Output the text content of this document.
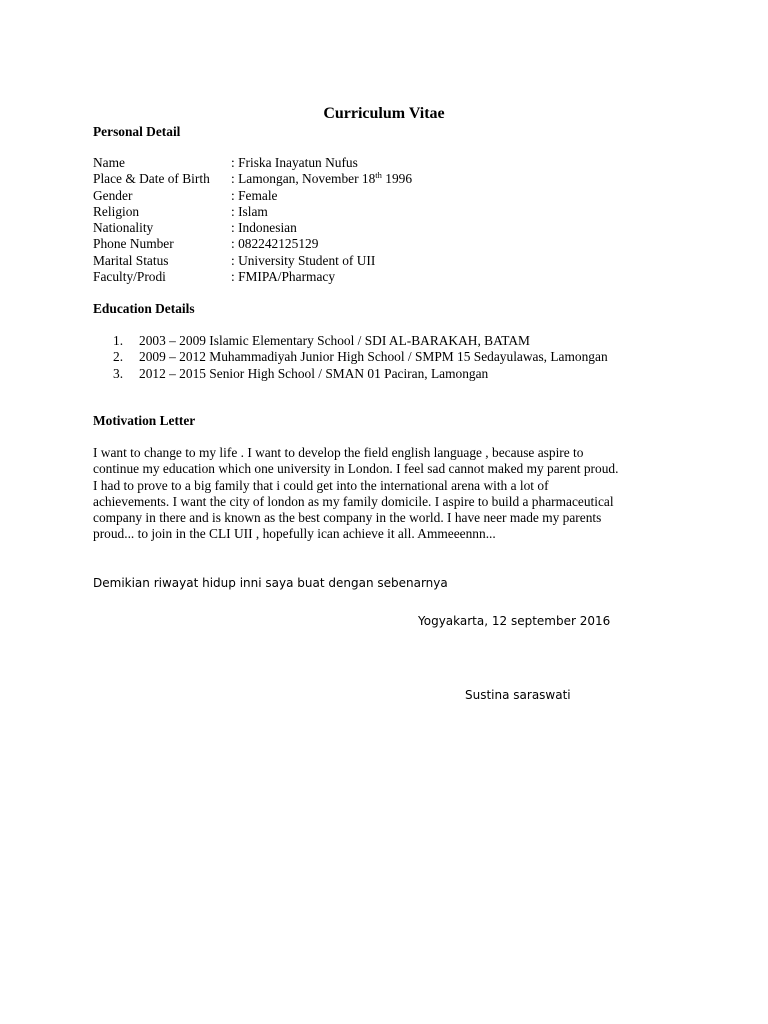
Curriculum Vitae
Personal Detail
Name	: Friska Inayatun Nufus
Place & Date of Birth	: Lamongan, November 18th 1996
Gender	: Female
Religion	: Islam
Nationality	: Indonesian
Phone Number	: 082242125129
Marital Status	: University Student of UII
Faculty/Prodi	: FMIPA/Pharmacy
Education Details
1.	2003 – 2009 Islamic Elementary School / SDI AL-BARAKAH, BATAM
2.	2009 – 2012 Muhammadiyah Junior High School / SMPM 15 Sedayulawas, Lamongan
3.	2012 – 2015 Senior High School / SMAN 01 Paciran, Lamongan
Motivation Letter

I want to change to my life . I want to develop the field english language , because aspire to
continue my education which one university in London. I feel sad cannot maked my parent proud.
I had to prove to a big family that i could get into the international arena with a lot of
achievements. I want the city of london as my family domicile. I aspire to build a pharmaceutical
company in there and is known as the best company in the world. I have neer made my parents
proud... to join in the CLI UII , hopefully ican achieve it all. Ammeeennn...

Demikian riwayat hidup inni saya buat dengan sebenarnya
Yogyakarta, 12 september 2016
Sustina saraswati
